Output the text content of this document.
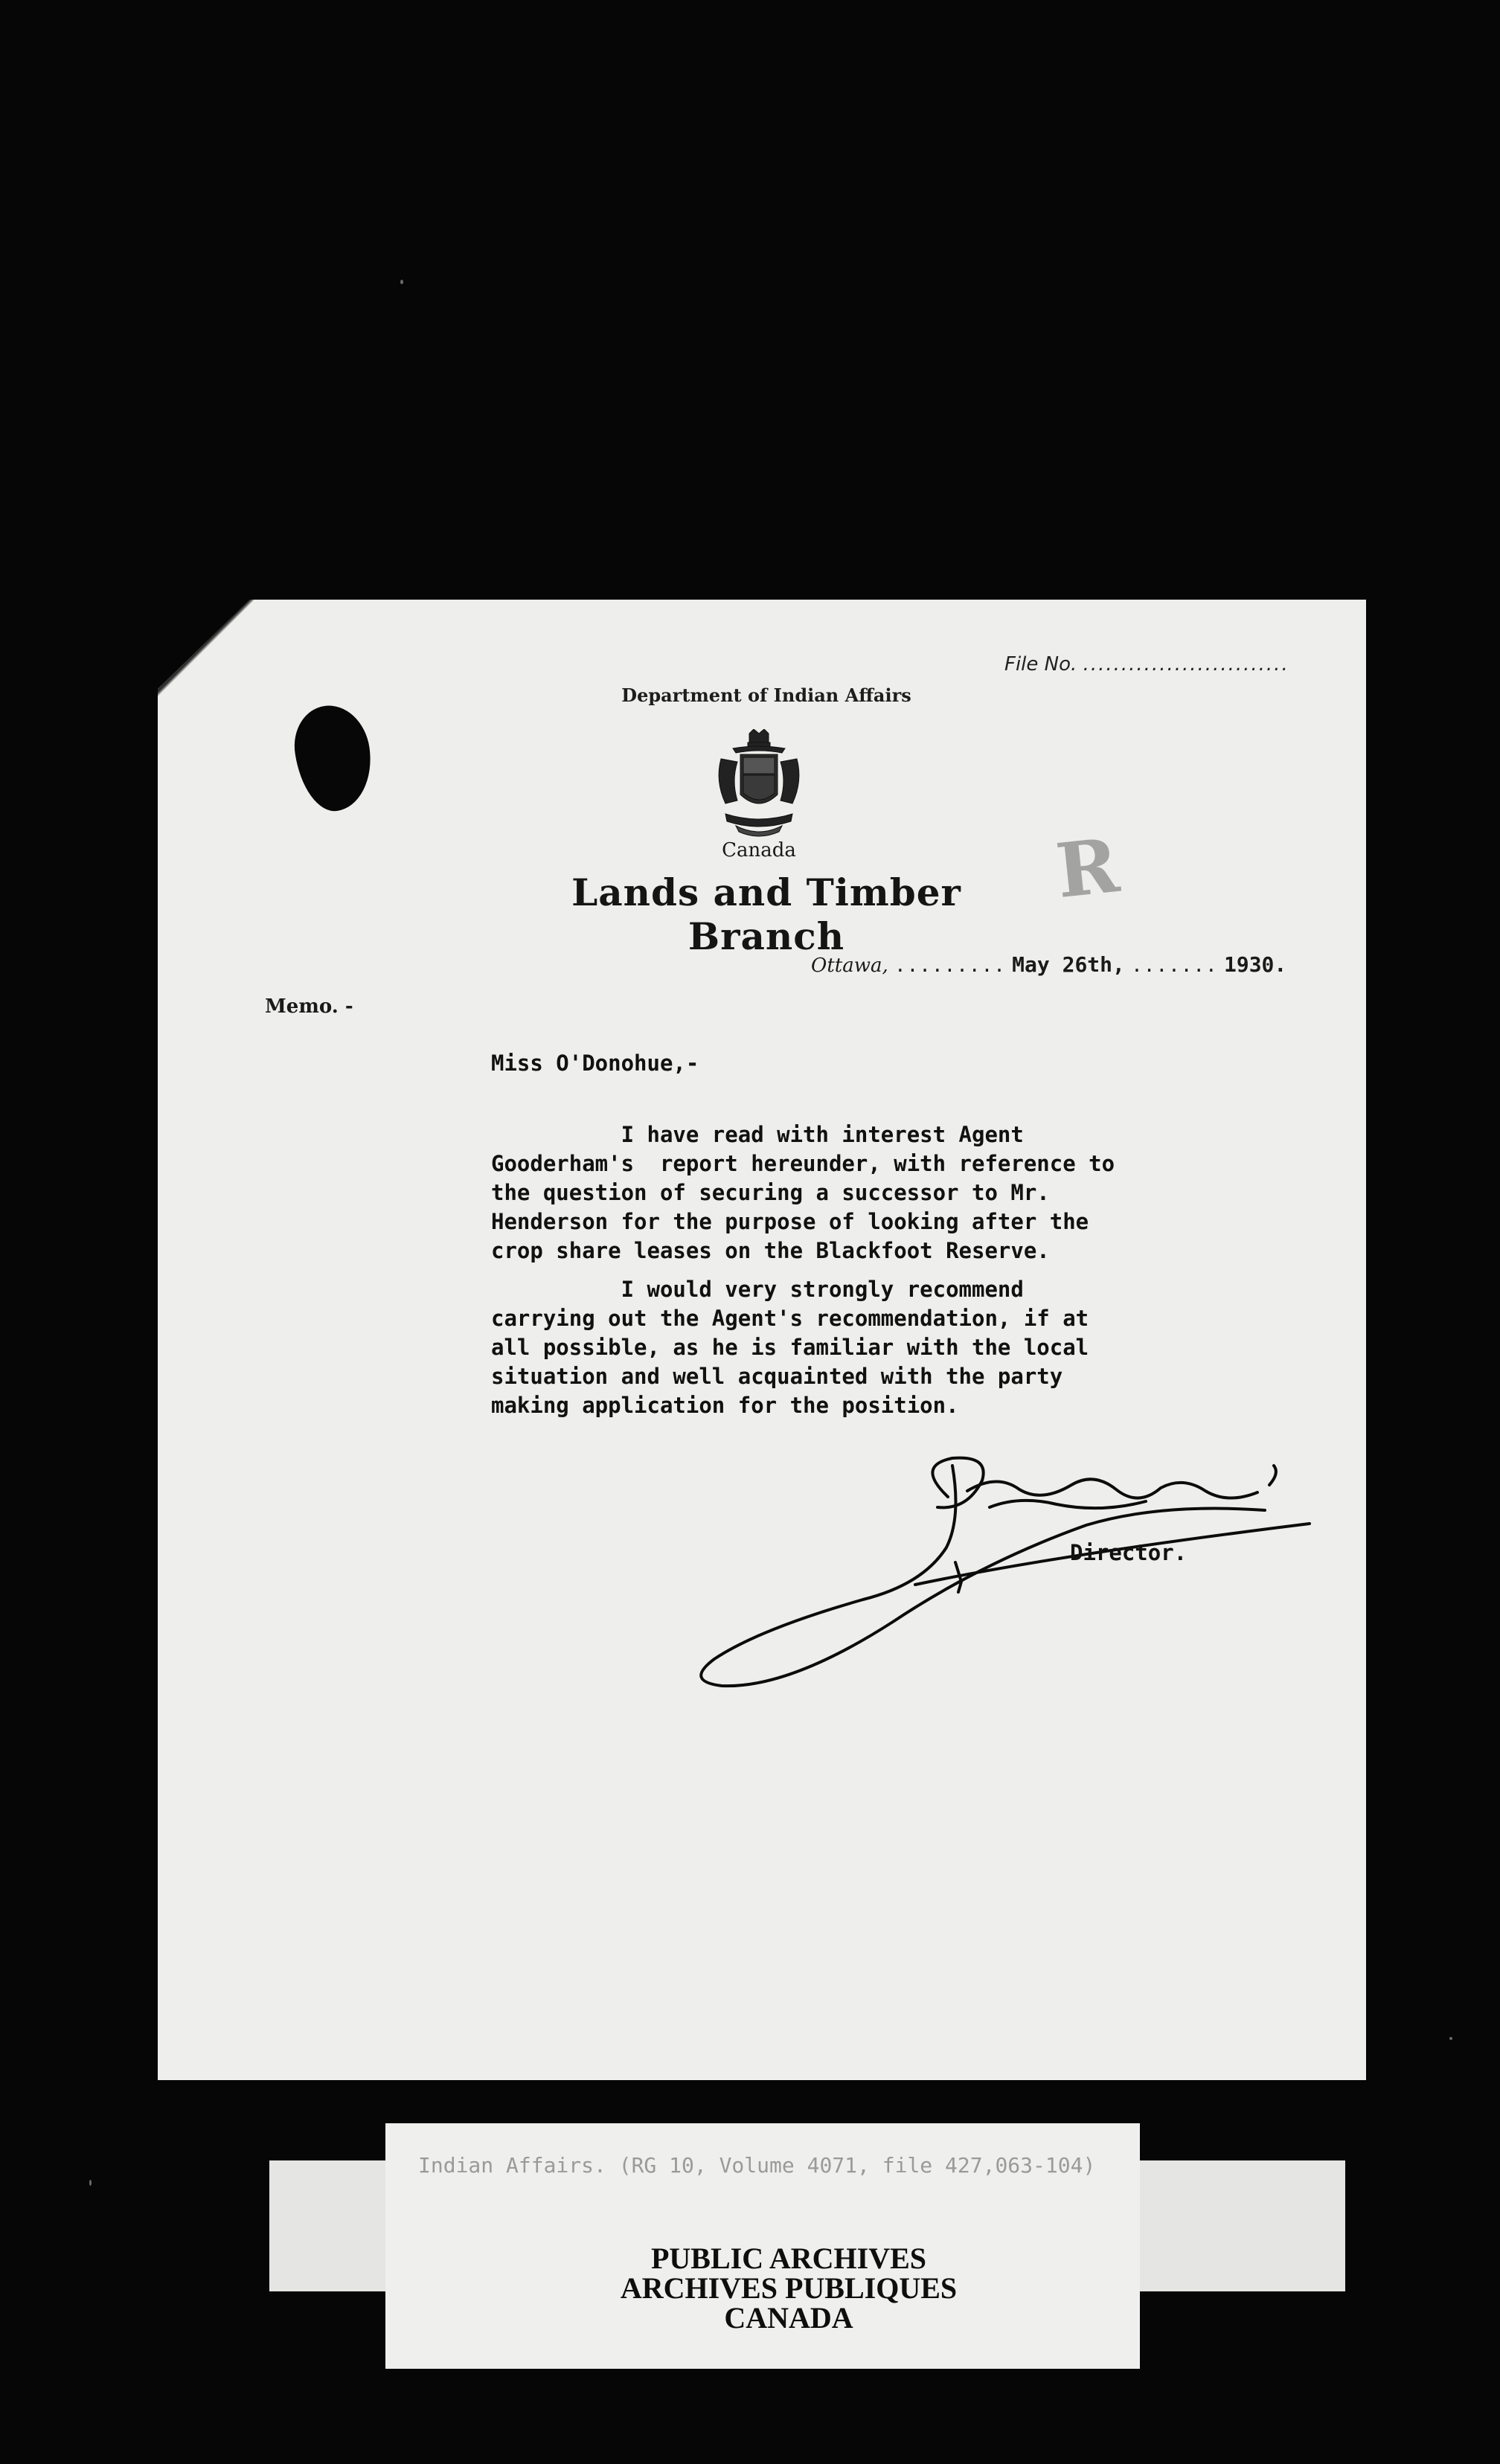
File No. ...........................
Department of Indian Affairs
Canada
Lands and Timber Branch
R
Ottawa, ......... May 26th, ....... 1930.
Memo. -
Miss O'Donohue,-
I have read with interest Agent
Gooderham's  report hereunder, with reference to
the question of securing a successor to Mr.
Henderson for the purpose of looking after the
crop share leases on the Blackfoot Reserve.
I would very strongly recommend
carrying out the Agent's recommendation, if at
all possible, as he is familiar with the local
situation and well acquainted with the party
making application for the position.
Director.
Indian Affairs. (RG 10, Volume 4071, file 427,063-104)
PUBLIC ARCHIVES
ARCHIVES PUBLIQUES
CANADA
